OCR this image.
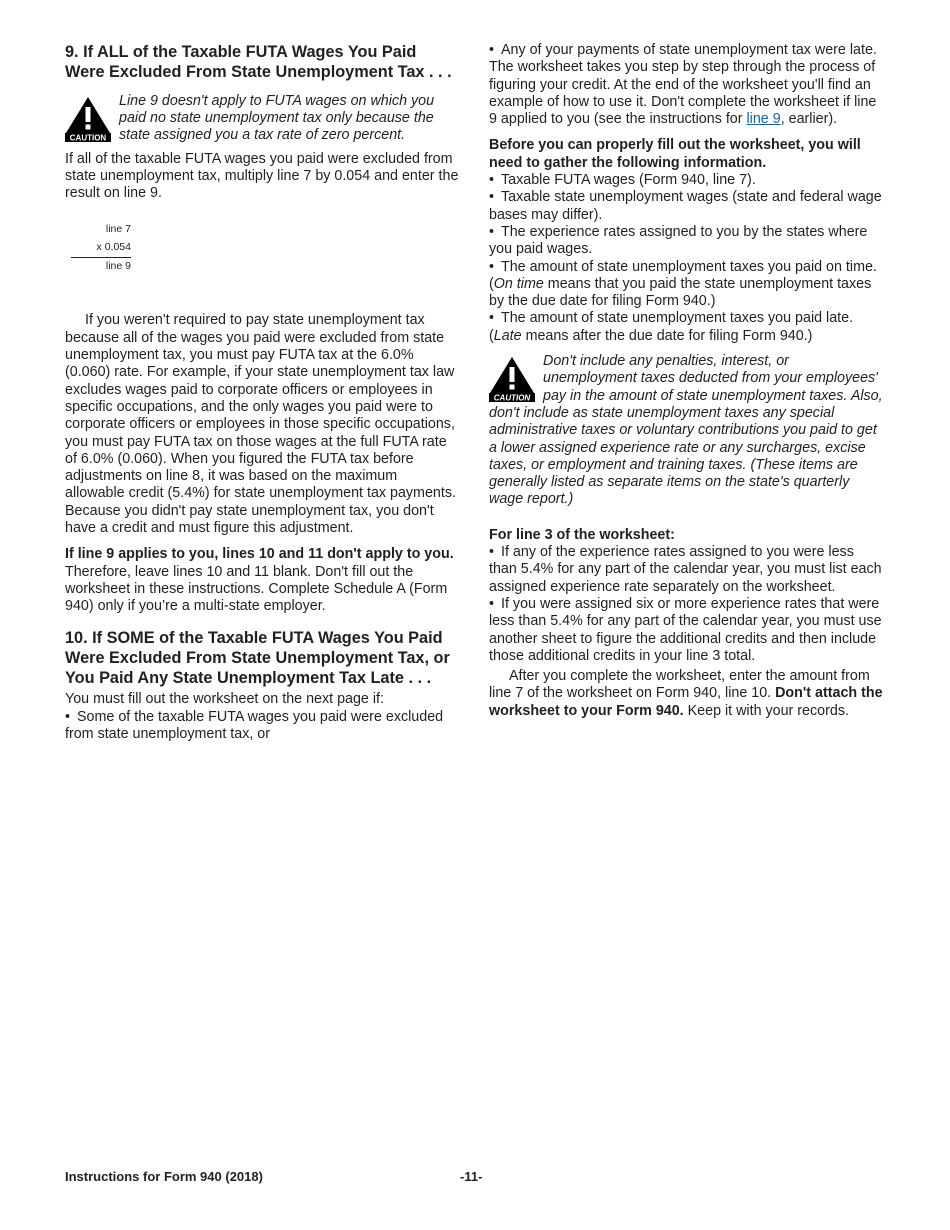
9. If ALL of the Taxable FUTA Wages You Paid Were Excluded From State Unemployment Tax . . .

CAUTION

Line 9 doesn't apply to FUTA wages on which you paid no state unemployment tax only because the state assigned you a tax rate of zero percent.

If all of the taxable FUTA wages you paid were excluded from state unemployment tax, multiply line 7 by 0.054 and enter the result on line 9.

line 7
x 0.054
line 9

If you weren't required to pay state unemployment tax because all of the wages you paid were excluded from state unemployment tax, you must pay FUTA tax at the 6.0% (0.060) rate. For example, if your state unemployment tax law excludes wages paid to corporate officers or employees in specific occupations, and the only wages you paid were to corporate officers or employees in those specific occupations, you must pay FUTA tax on those wages at the full FUTA rate of 6.0% (0.060). When you figured the FUTA tax before adjustments on line 8, it was based on the maximum allowable credit (5.4%) for state unemployment tax payments. Because you didn't pay state unemployment tax, you don't have a credit and must figure this adjustment.

If line 9 applies to you, lines 10 and 11 don't apply to you. Therefore, leave lines 10 and 11 blank. Don't fill out the worksheet in these instructions. Complete Schedule A (Form 940) only if you’re a multi-state employer.

10. If SOME of the Taxable FUTA Wages You Paid Were Excluded From State Unemployment Tax, or You Paid Any State Unemployment Tax Late . . .

You must fill out the worksheet on the next page if:

• Some of the taxable FUTA wages you paid were excluded from state unemployment tax, or

• Any of your payments of state unemployment tax were late.

The worksheet takes you step by step through the process of figuring your credit. At the end of the worksheet you'll find an example of how to use it. Don't complete the worksheet if line 9 applied to you (see the instructions for line 9, earlier).

Before you can properly fill out the worksheet, you will need to gather the following information.

• Taxable FUTA wages (Form 940, line 7).

• Taxable state unemployment wages (state and federal wage bases may differ).

• The experience rates assigned to you by the states where you paid wages.

• The amount of state unemployment taxes you paid on time. (On time means that you paid the state unemployment taxes by the due date for filing Form 940.)

• The amount of state unemployment taxes you paid late. (Late means after the due date for filing Form 940.)

CAUTION

Don't include any penalties, interest, or unemployment taxes deducted from your employees' pay in the amount of state unemployment taxes. Also, don't include as state unemployment taxes any special administrative taxes or voluntary contributions you paid to get a lower assigned experience rate or any surcharges, excise taxes, or employment and training taxes. (These items are generally listed as separate items on the state's quarterly wage report.)

For line 3 of the worksheet:

• If any of the experience rates assigned to you were less than 5.4% for any part of the calendar year, you must list each assigned experience rate separately on the worksheet.

• If you were assigned six or more experience rates that were less than 5.4% for any part of the calendar year, you must use another sheet to figure the additional credits and then include those additional credits in your line 3 total.

After you complete the worksheet, enter the amount from line 7 of the worksheet on Form 940, line 10. Don't attach the worksheet to your Form 940. Keep it with your records.

Instructions for Form 940 (2018)	-11-
